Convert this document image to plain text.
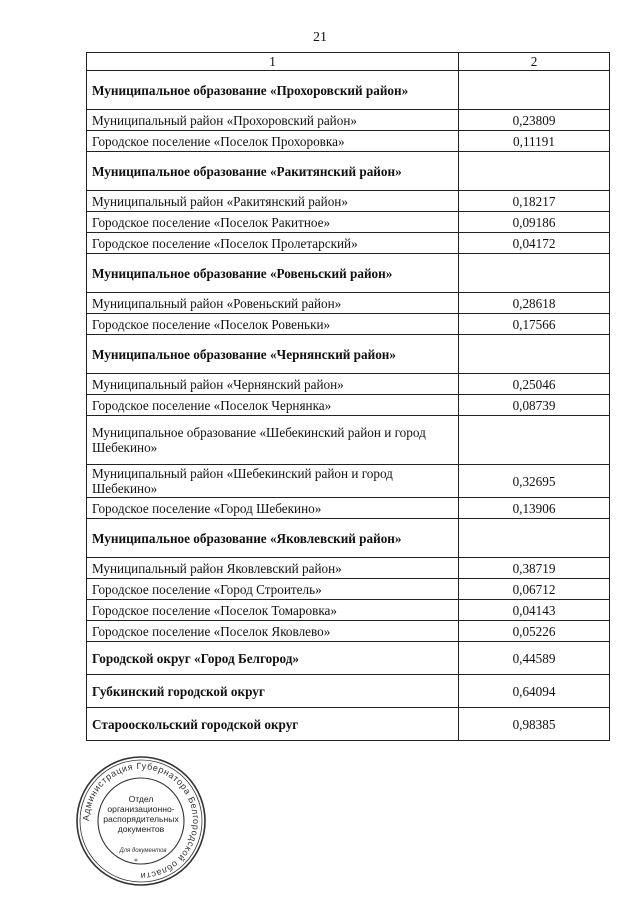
21
1	2
Муниципальное образование «Прохоровский район»	
Муниципальный район «Прохоровский район»	0,23809
Городское поселение «Поселок Прохоровка»	0,11191
Муниципальное образование «Ракитянский район»	
Муниципальный район «Ракитянский район»	0,18217
Городское поселение «Поселок Ракитное»	0,09186
Городское поселение «Поселок Пролетарский»	0,04172
Муниципальное образование «Ровеньский район»	
Муниципальный район «Ровеньский район»	0,28618
Городское поселение «Поселок Ровеньки»	0,17566
Муниципальное образование «Чернянский район»	
Муниципальный район «Чернянский район»	0,25046
Городское поселение «Поселок Чернянка»	0,08739
Муниципальное образование «Шебекинский район и город Шебекино»	
Муниципальный район «Шебекинский район и город Шебекино»	0,32695
Городское поселение «Город Шебекино»	0,13906
Муниципальное образование «Яковлевский район»	
Муниципальный район Яковлевский район»	0,38719
Городское поселение «Город Строитель»	0,06712
Городское поселение «Поселок Томаровка»	0,04143
Городское поселение «Поселок Яковлево»	0,05226
Городской округ «Город Белгород»	0,44589
Губкинский городской округ	0,64094
Старооскольский городской округ	0,98385
Администрация Губернатора Белгородской области
*
Отдел
организационно-
распорядительных
документов
Для документов
